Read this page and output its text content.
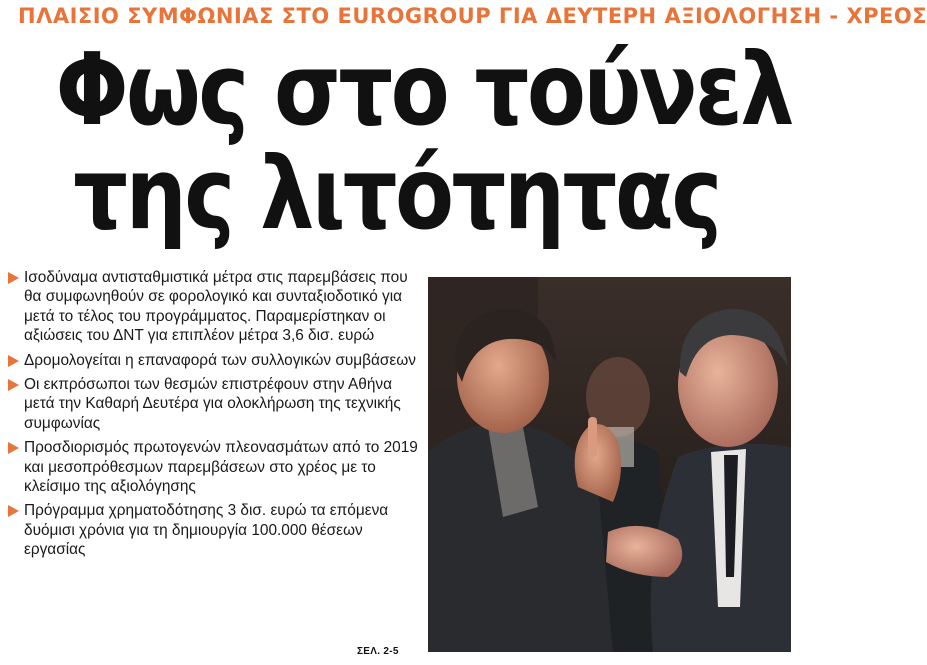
ΠΛΑΙΣΙΟ ΣΥΜΦΩΝΙΑΣ ΣΤΟ EUROGROUP ΓΙΑ ΔΕΥΤΕΡΗ ΑΞΙΟΛΟΓΗΣΗ - ΧΡΕΟΣ
Φως στο τούνελ
της λιτότητας
Ισοδύναμα αντισταθμιστικά μέτρα στις παρεμβάσεις που θα συμφωνηθούν σε φορολογικό και συνταξιοδοτικό για μετά το τέλος του προγράμματος. Παραμερίστηκαν οι αξιώσεις του ΔΝΤ για επιπλέον μέτρα 3,6 δισ. ευρώ
Δρομολογείται η επαναφορά των συλλογικών συμβάσεων
Οι εκπρόσωποι των θεσμών επιστρέφουν στην Αθήνα μετά την Καθαρή Δευτέρα για ολοκλήρωση της τεχνικής συμφωνίας
Προσδιορισμός πρωτογενών πλεονασμάτων από το 2019 και μεσοπρόθεσμων παρεμβάσεων στο χρέος με το κλείσιμο της αξιολόγησης
Πρόγραμμα χρηματοδότησης 3 δισ. ευρώ τα επόμενα δυόμισι χρόνια για τη δημιουργία 100.000 θέσεων εργασίας
ΣΕΛ. 2-5
